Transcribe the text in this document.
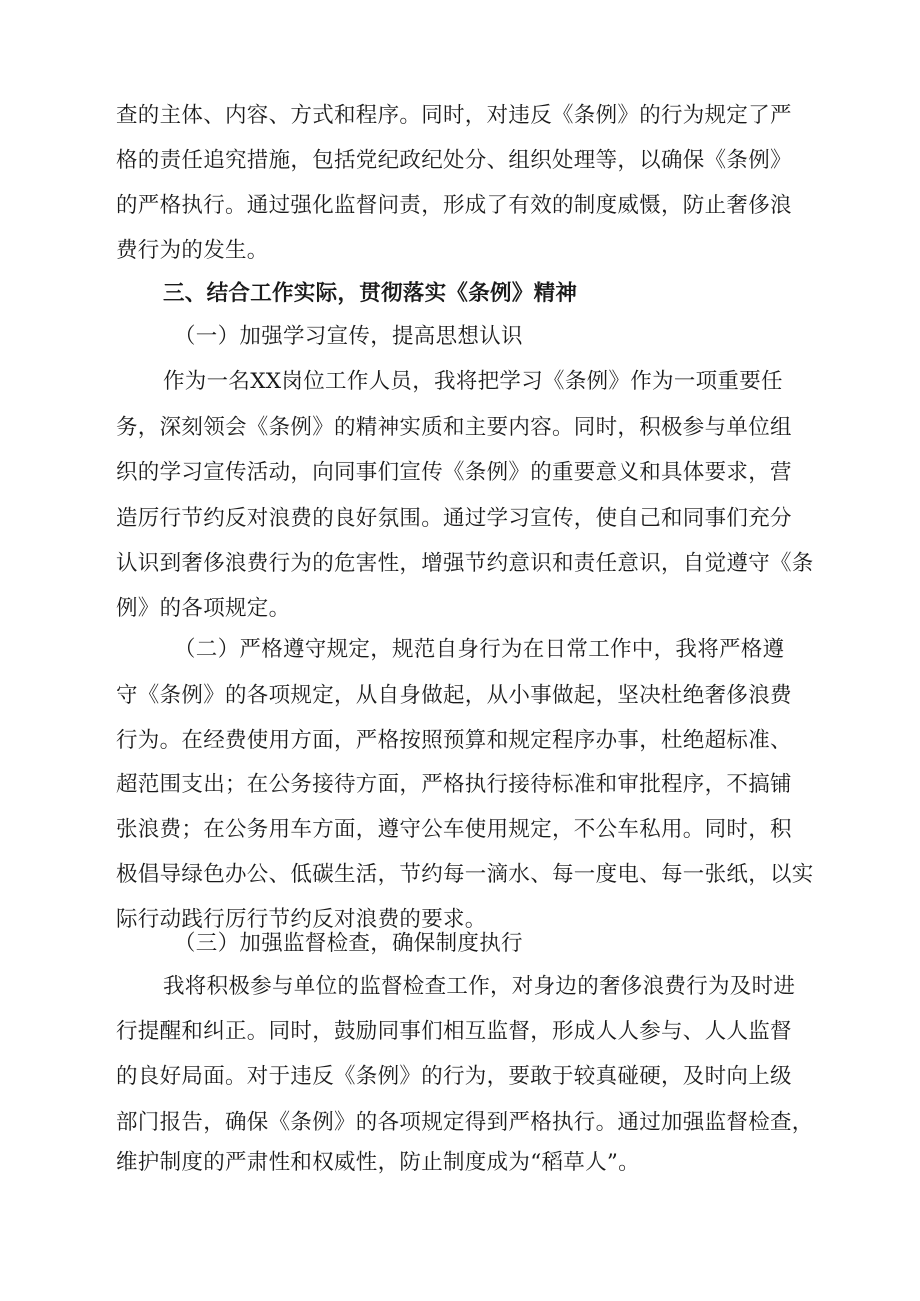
查的主体、内容、方式和程序。同时，对违反《条例》的行为规定了严
格的责任追究措施，包括党纪政纪处分、组织处理等，以确保《条例》
的严格执行。通过强化监督问责，形成了有效的制度威慑，防止奢侈浪
费行为的发生。
三、结合工作实际，贯彻落实《条例》精神
（一）加强学习宣传，提高思想认识
作为一名XX岗位工作人员，我将把学习《条例》作为一项重要任
务，深刻领会《条例》的精神实质和主要内容。同时，积极参与单位组
织的学习宣传活动，向同事们宣传《条例》的重要意义和具体要求，营
造厉行节约反对浪费的良好氛围。通过学习宣传，使自己和同事们充分
认识到奢侈浪费行为的危害性，增强节约意识和责任意识，自觉遵守《条
例》的各项规定。
（二）严格遵守规定，规范自身行为在日常工作中，我将严格遵
守《条例》的各项规定，从自身做起，从小事做起，坚决杜绝奢侈浪费
行为。在经费使用方面，严格按照预算和规定程序办事，杜绝超标准、
超范围支出；在公务接待方面，严格执行接待标准和审批程序，不搞铺
张浪费；在公务用车方面，遵守公车使用规定，不公车私用。同时，积
极倡导绿色办公、低碳生活，节约每一滴水、每一度电、每一张纸，以实
际行动践行厉行节约反对浪费的要求。
（三）加强监督检查，确保制度执行
我将积极参与单位的监督检查工作，对身边的奢侈浪费行为及时进
行提醒和纠正。同时，鼓励同事们相互监督，形成人人参与、人人监督
的良好局面。对于违反《条例》的行为，要敢于较真碰硬，及时向上级
部门报告，确保《条例》的各项规定得到严格执行。通过加强监督检查，
维护制度的严肃性和权威性，防止制度成为“稻草人”。
